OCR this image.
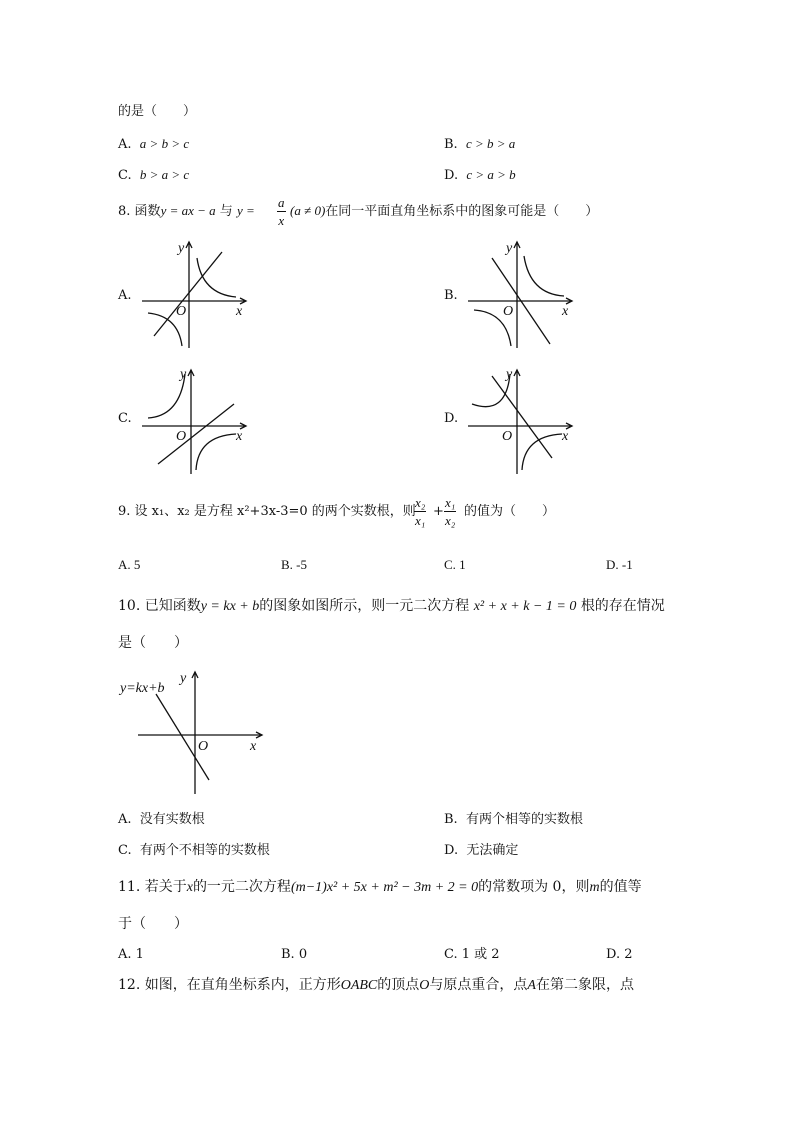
的是（　　）
A. a > b > c	B. c > b > a
C. b > a > c	D. c > a > b
8. 函数y = ax − a 与 $y = \frac{a}{x} (a \ne 0)$在同一平面直角坐标系中的图象可能是（　　）
A.
y
O	x
B.
y
O	x
C.
y
O	x
D.
y
O	x
9. 设 x₁、x₂ 是方程 x²+3x-3=0 的两个实数根，则
$\frac{\text{x₂}}{\text{x₁}} + \frac{\text{x₁}}{\text{x₂}}$ 的值为（　　）
A. 5	B. -5	C. 1	D. -1
10. 已知函数y = kx + b的图象如图所示，则一元二次方程 x² + x + k − 1 = 0 根的存在情况
是（　　）
y=kx+b
y
O	x
A. 没有实数根	B. 有两个相等的实数根
C. 有两个不相等的实数根	D. 无法确定
11. 若关于x的一元二次方程(m−1)x² + 5x + m² − 3m + 2 = 0的常数项为 0，则m的值等
于（　　）
A. 1	B. 0	C. 1 或 2	D. 2
12. 如图，在直角坐标系内，正方形OABC的顶点O与原点重合，点A在第二象限，点
